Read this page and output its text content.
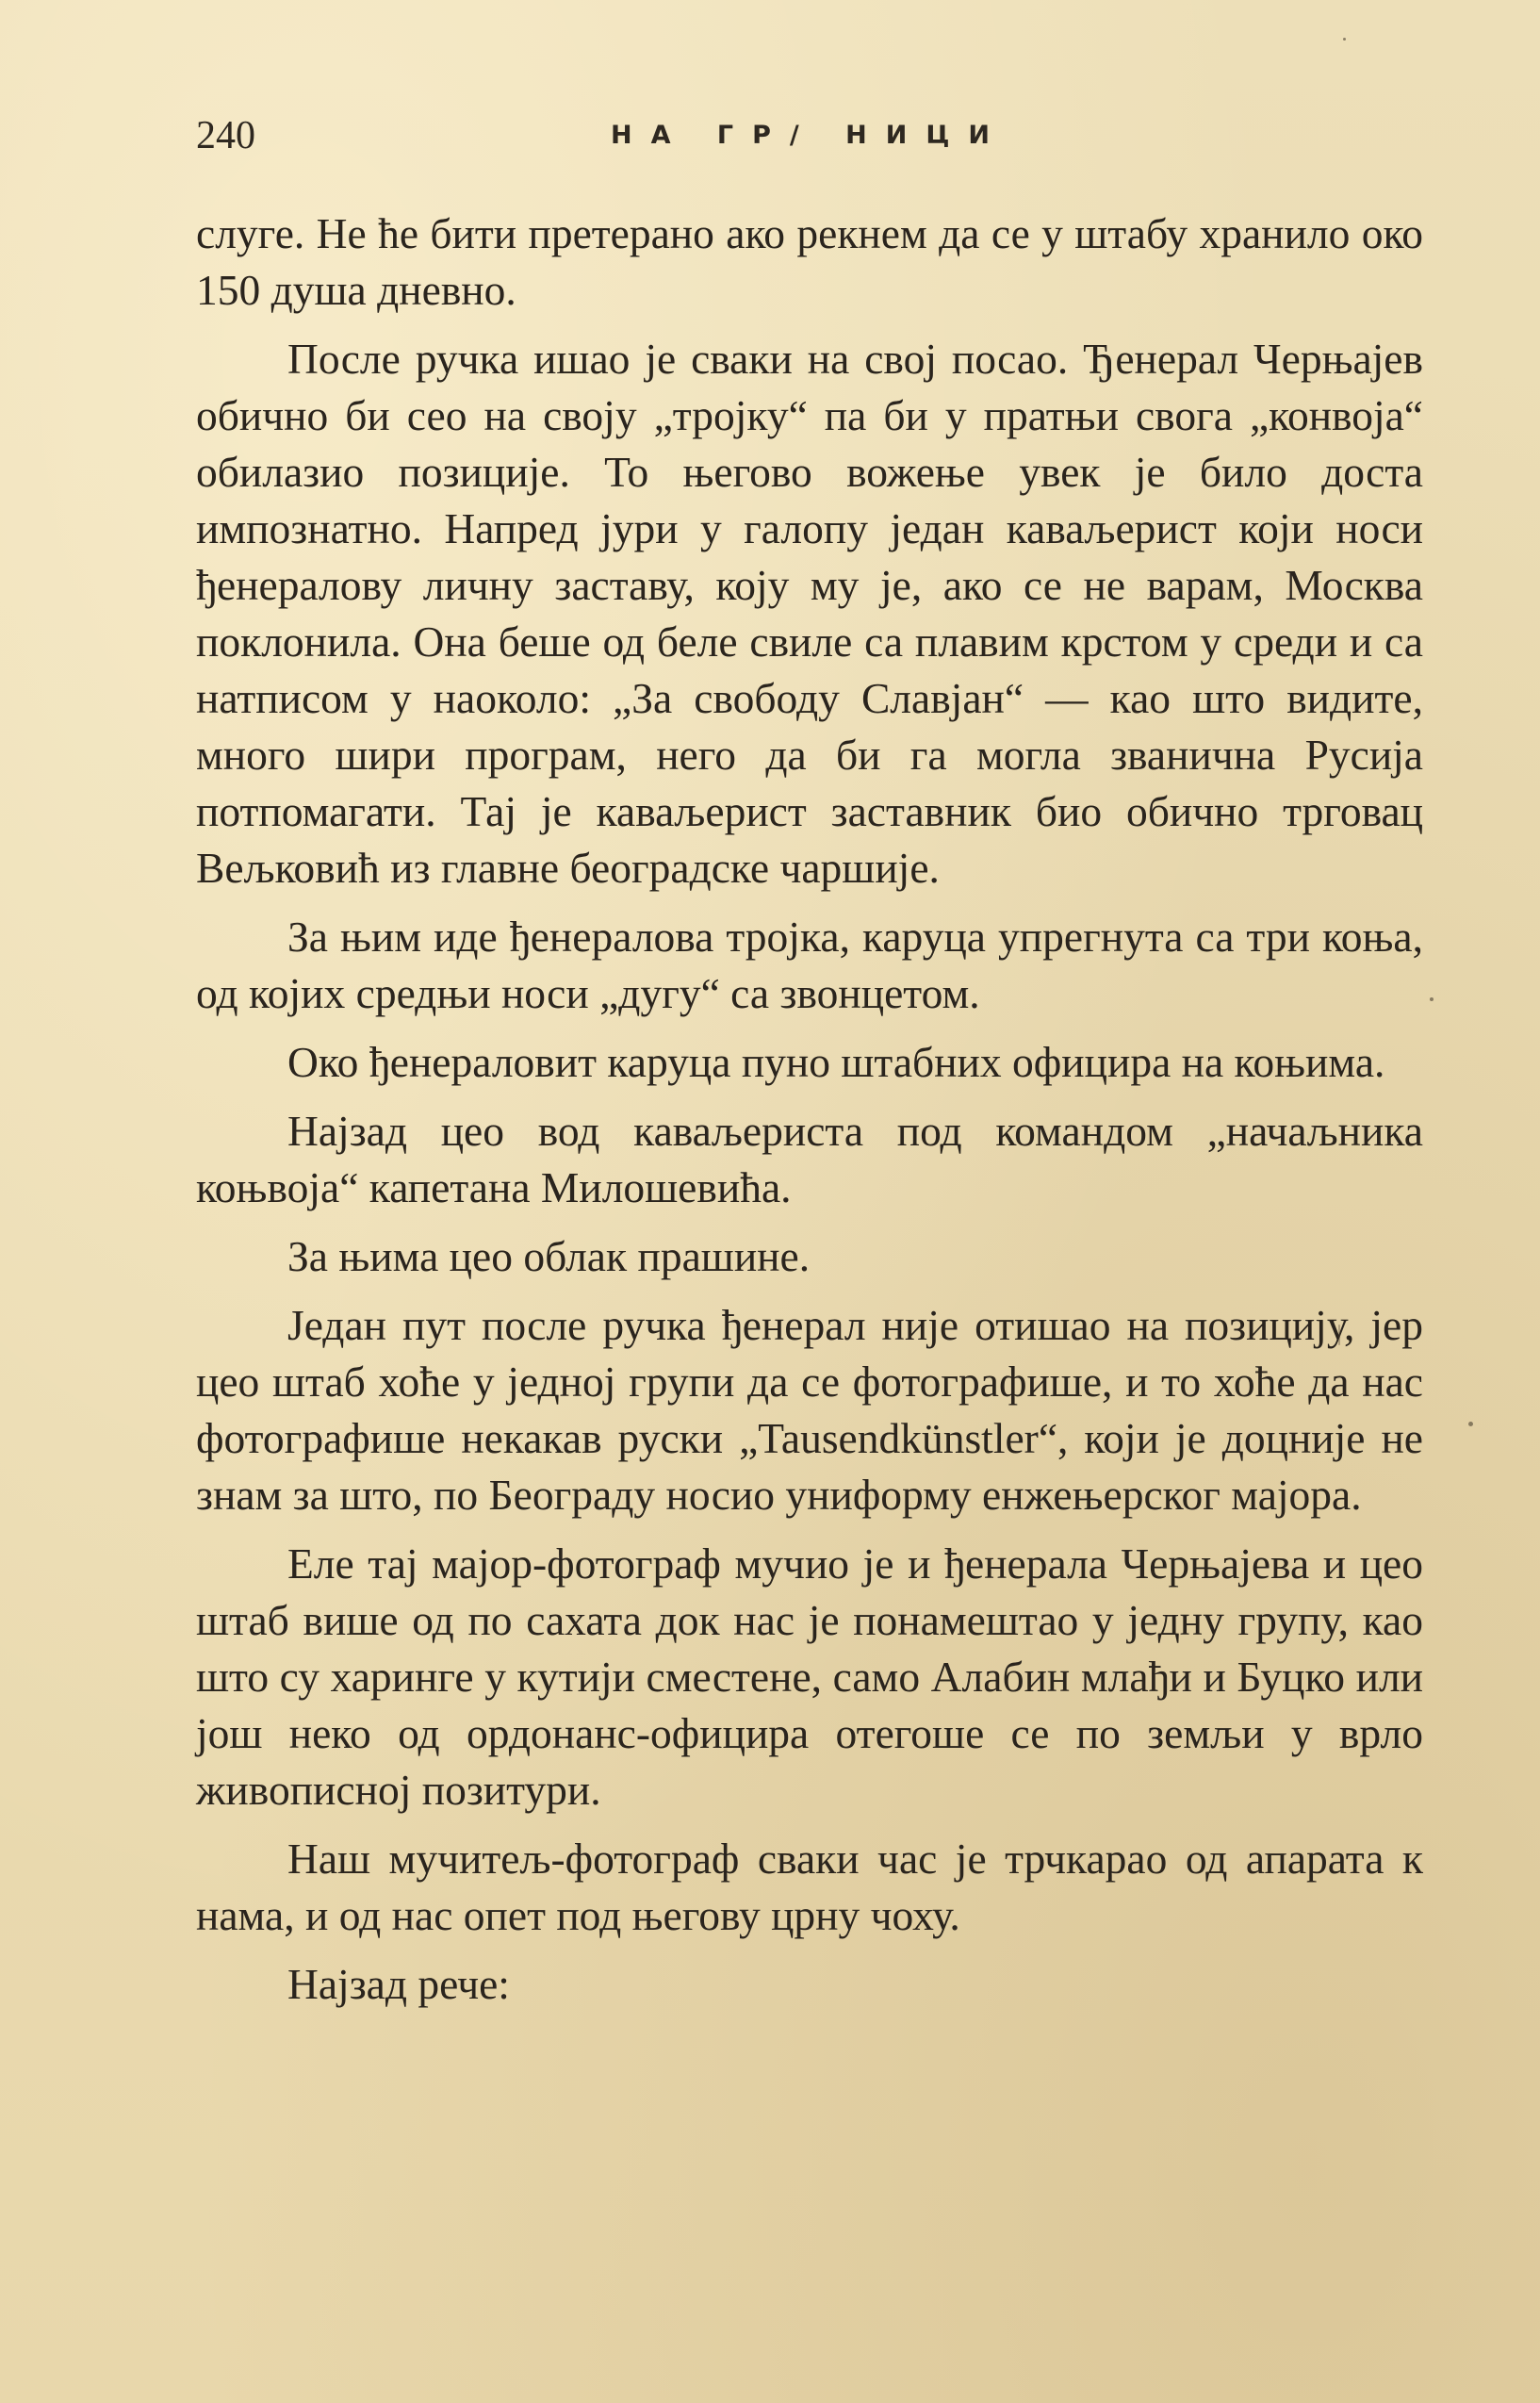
240	НА ГР/ НИЦИ

слуге. Не ће бити претерано ако рекнем да се у штабу хранило око 150 душа дневно.

После ручка ишао је сваки на свој посао. Ђенерал Черњајев обично би сео на своју „тројку“ па би у пратњи свога „конвоја“ обилазио позиције. То његово вожење увек је било доста импознатно. Напред јури у галопу један каваљерист који носи ђенералову личну заставу, коју му је, ако се не варам, Москва поклонила. Она беше од беле свиле са плавим крстом у среди и са натписом у наоколо: „За свободу Славјан“ — као што видите, много шири програм, него да би га могла званична Русија потпомагати. Тај је каваљерист заставник био обично трговац Вељковић из главне београдске чаршије.

За њим иде ђенералова тројка, каруца упрегнута са три коња, од којих средњи носи „дугу“ са звонцетом.

Око ђенераловит каруца пуно штабних официра на коњима.

Најзад цео вод каваљериста под командом „начаљника коњвоја“ капетана Милошевића.

За њима цео облак прашине.

Један пут после ручка ђенерал није отишао на позицију, јер цео штаб хоће у једној групи да се фотографише, и то хоће да нас фотографише некакав руски „Tausendkünstler“, који је доцније не знам за што, по Београду носио униформу енжењерског мајора.

Еле тај мајор-фотограф мучио је и ђенерала Черњајева и цео штаб више од по сахата док нас је понамештао у једну групу, као што су харинге у кутији сместене, само Алабин млађи и Буцко или још неко од ордонанс-официра отегоше се по земљи у врло живописној позитури.

Наш мучитељ-фотограф сваки час је трчкарао од апарата к нама, и од нас опет под његову црну чоху.

Најзад рече:
